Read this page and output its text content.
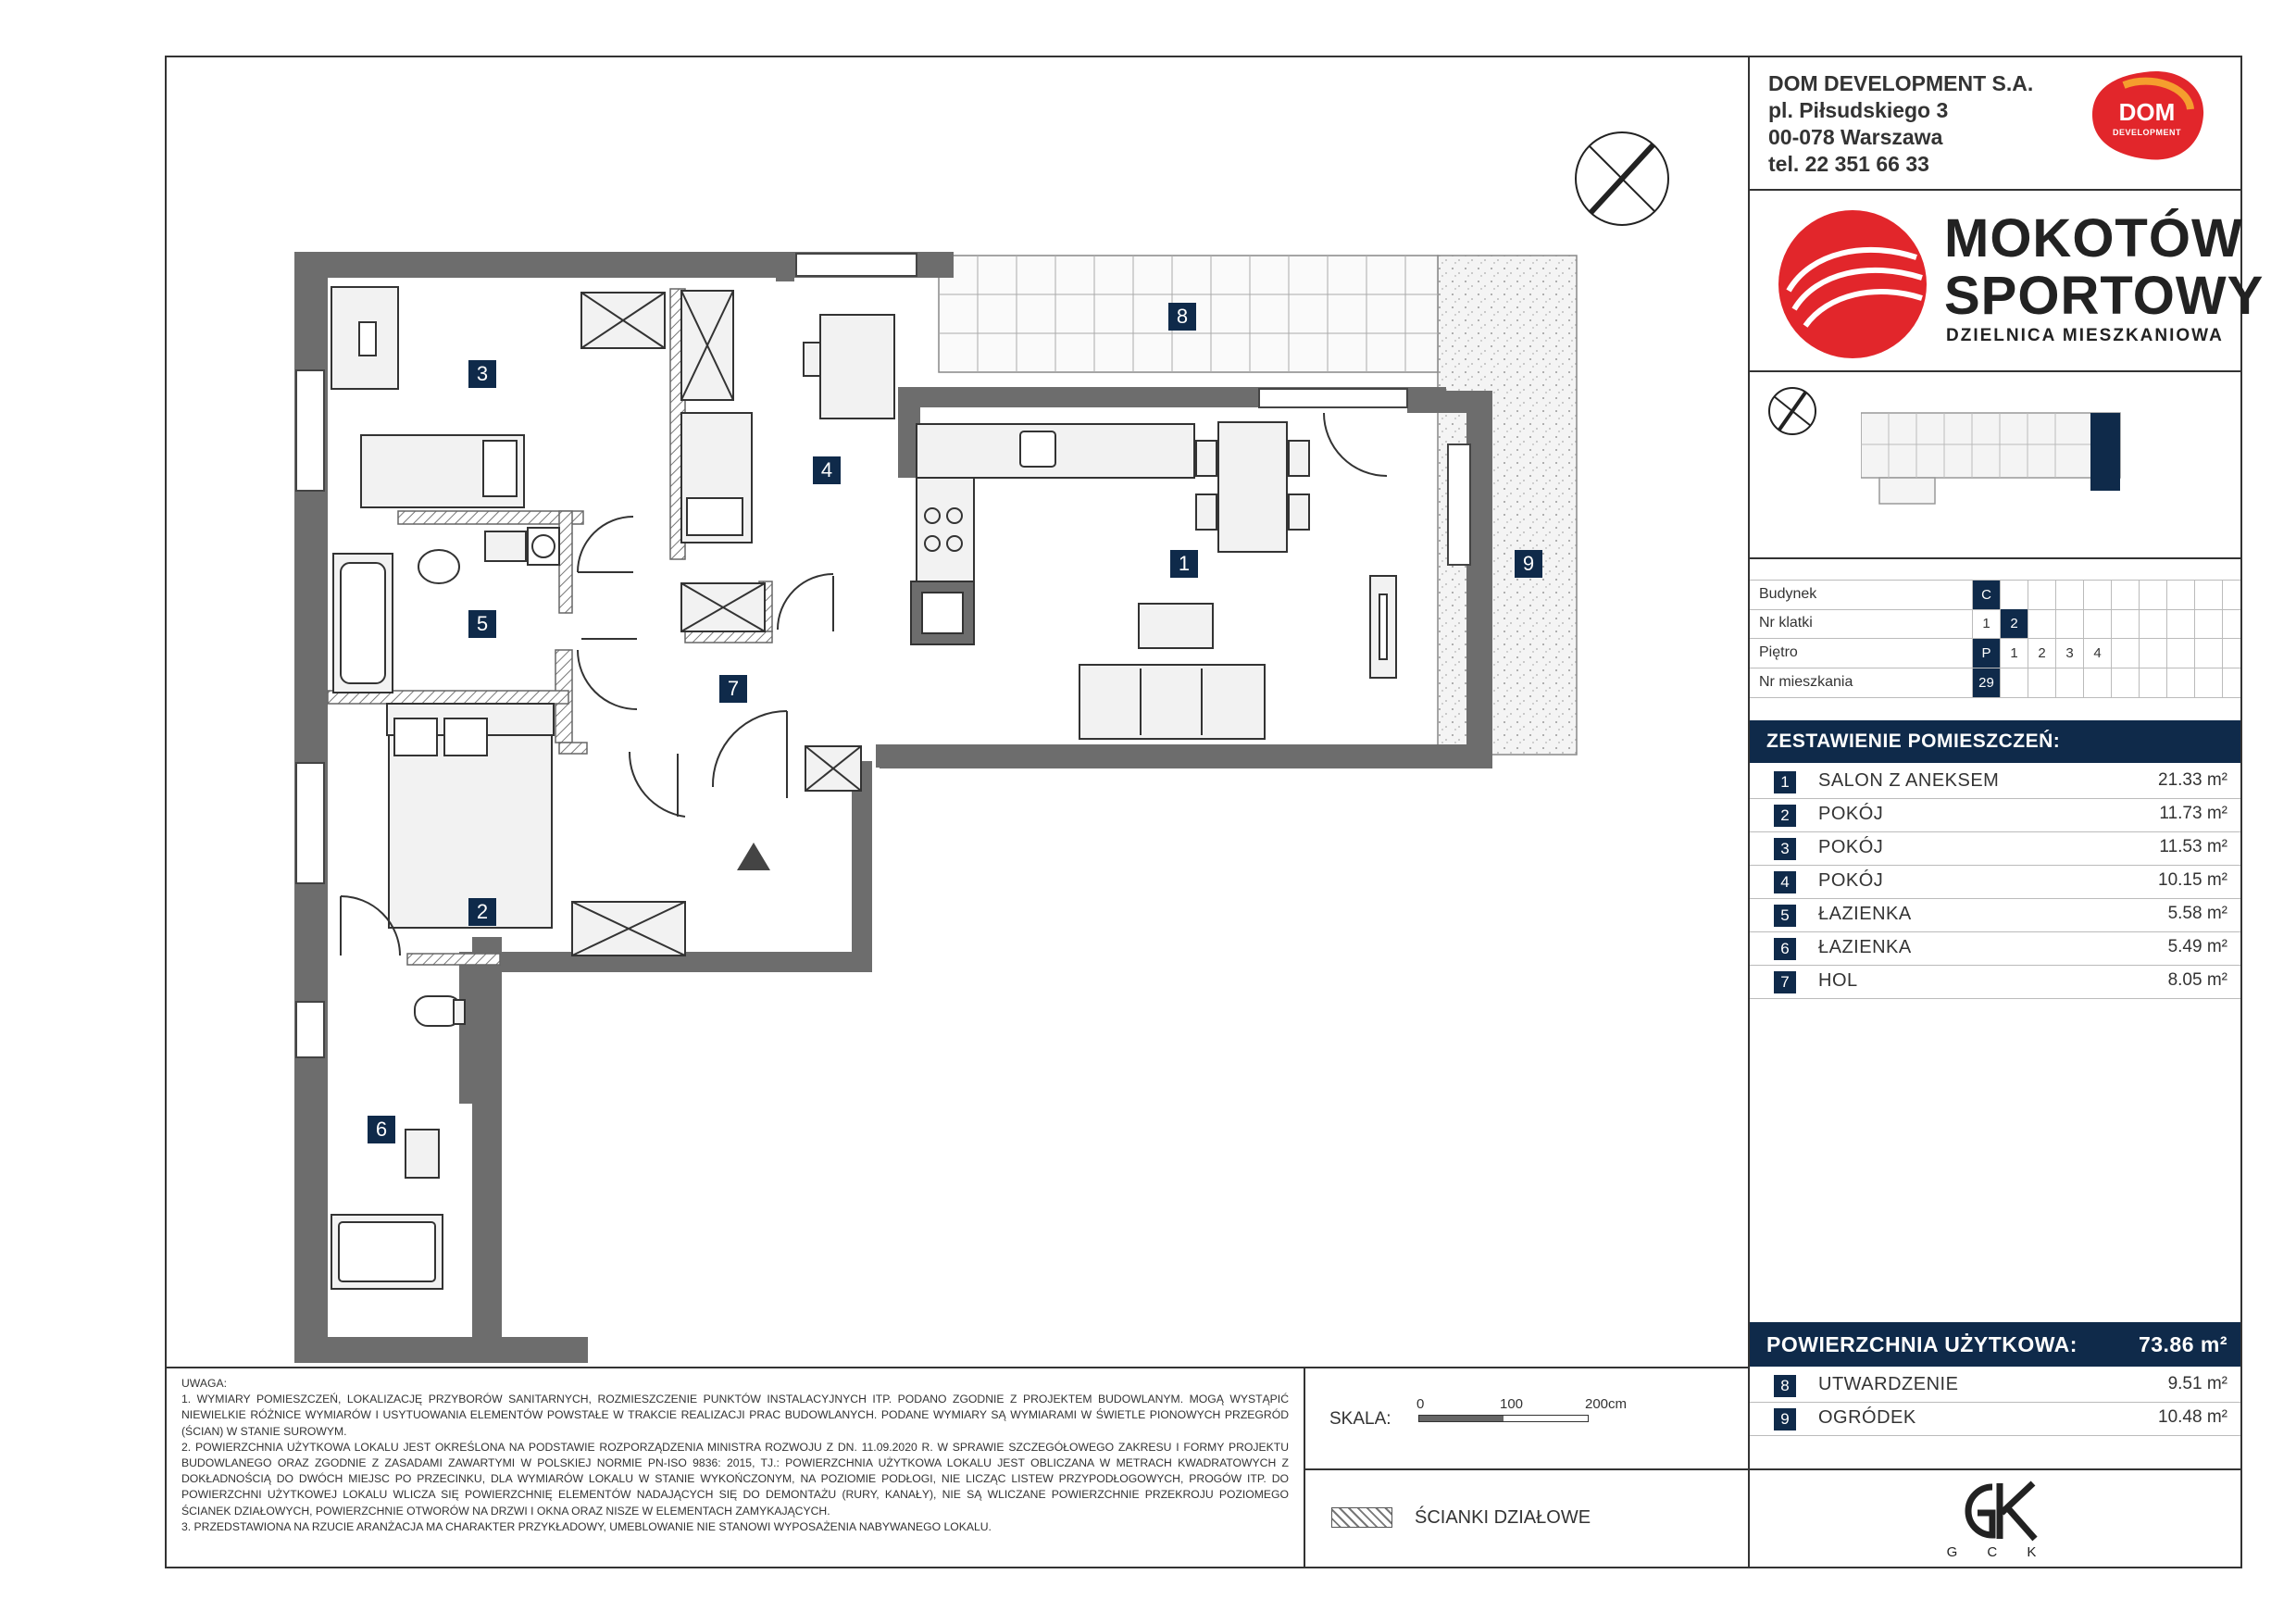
1
2
3
4
5
6
7
8
9
UWAGA:
1. WYMIARY POMIESZCZEŃ, LOKALIZACJĘ PRZYBORÓW SANITARNYCH, ROZMIESZCZENIE PUNKTÓW INSTALACYJNYCH ITP. PODANO ZGODNIE Z PROJEKTEM BUDOWLANYM. MOGĄ WYSTĄPIĆ NIEWIELKIE RÓŻNICE WYMIARÓW I USYTUOWANIA ELEMENTÓW POWSTAŁE W TRAKCIE REALIZACJI PRAC BUDOWLANYCH. PODANE WYMIARY SĄ WYMIARAMI W ŚWIETLE PIONOWYCH PRZEGRÓD (ŚCIAN) W STANIE SUROWYM.
2. POWIERZCHNIA UŻYTKOWA LOKALU JEST OKREŚLONA NA PODSTAWIE ROZPORZĄDZENIA MINISTRA ROZWOJU Z DN. 11.09.2020 R. W SPRAWIE SZCZEGÓŁOWEGO ZAKRESU I FORMY PROJEKTU BUDOWLANEGO ORAZ ZGODNIE Z ZASADAMI ZAWARTYMI W POLSKIEJ NORMIE PN-ISO 9836: 2015, TJ.: POWIERZCHNIA UŻYTKOWA LOKALU JEST OBLICZANA W METRACH KWADRATOWYCH Z DOKŁADNOŚCIĄ DO DWÓCH MIEJSC PO PRZECINKU, DLA WYMIARÓW LOKALU W STANIE WYKOŃCZONYM, NA POZIOMIE PODŁOGI, NIE LICZĄC LISTEW PRZYPODŁOGOWYCH, PROGÓW ITP. DO POWIERZCHNI UŻYTKOWEJ LOKALU WLICZA SIĘ POWIERZCHNIĘ ELEMENTÓW NADAJĄCYCH SIĘ DO DEMONTAŻU (RURY, KANAŁY), NIE SĄ WLICZANE POWIERZCHNIE PRZEKROJU POZIOMEGO ŚCIANEK DZIAŁOWYCH, POWIERZCHNIE OTWORÓW NA DRZWI I OKNA ORAZ NISZE W ELEMENTACH ZAMYKAJĄCYCH.
3. PRZEDSTAWIONA NA RZUCIE ARANŻACJA MA CHARAKTER PRZYKŁADOWY, UMEBLOWANIE NIE STANOWI WYPOSAŻENIA NABYWANEGO LOKALU.
SKALA:
0	100	200cm
ŚCIANKI DZIAŁOWE
DOM DEVELOPMENT S.A.
pl. Piłsudskiego 3
00-078 Warszawa
tel. 22 351 66 33
DOM
DEVELOPMENT
MOKOTÓW
SPORTOWY
DZIELNICA MIESZKANIOWA
Budynek	C
Nr klatki	1	2
Piętro	P	1	2	3	4
Nr mieszkania	29
ZESTAWIENIE POMIESZCZEŃ:
1	SALON Z ANEKSEM	21.33 m²
2	POKÓJ	11.73 m²
3	POKÓJ	11.53 m²
4	POKÓJ	10.15 m²
5	ŁAZIENKA	5.58 m²
6	ŁAZIENKA	5.49 m²
7	HOL	8.05 m²
POWIERZCHNIA UŻYTKOWA:	73.86 m²
8	UTWARDZENIE	9.51 m²
9	OGRÓDEK	10.48 m²
G C K
